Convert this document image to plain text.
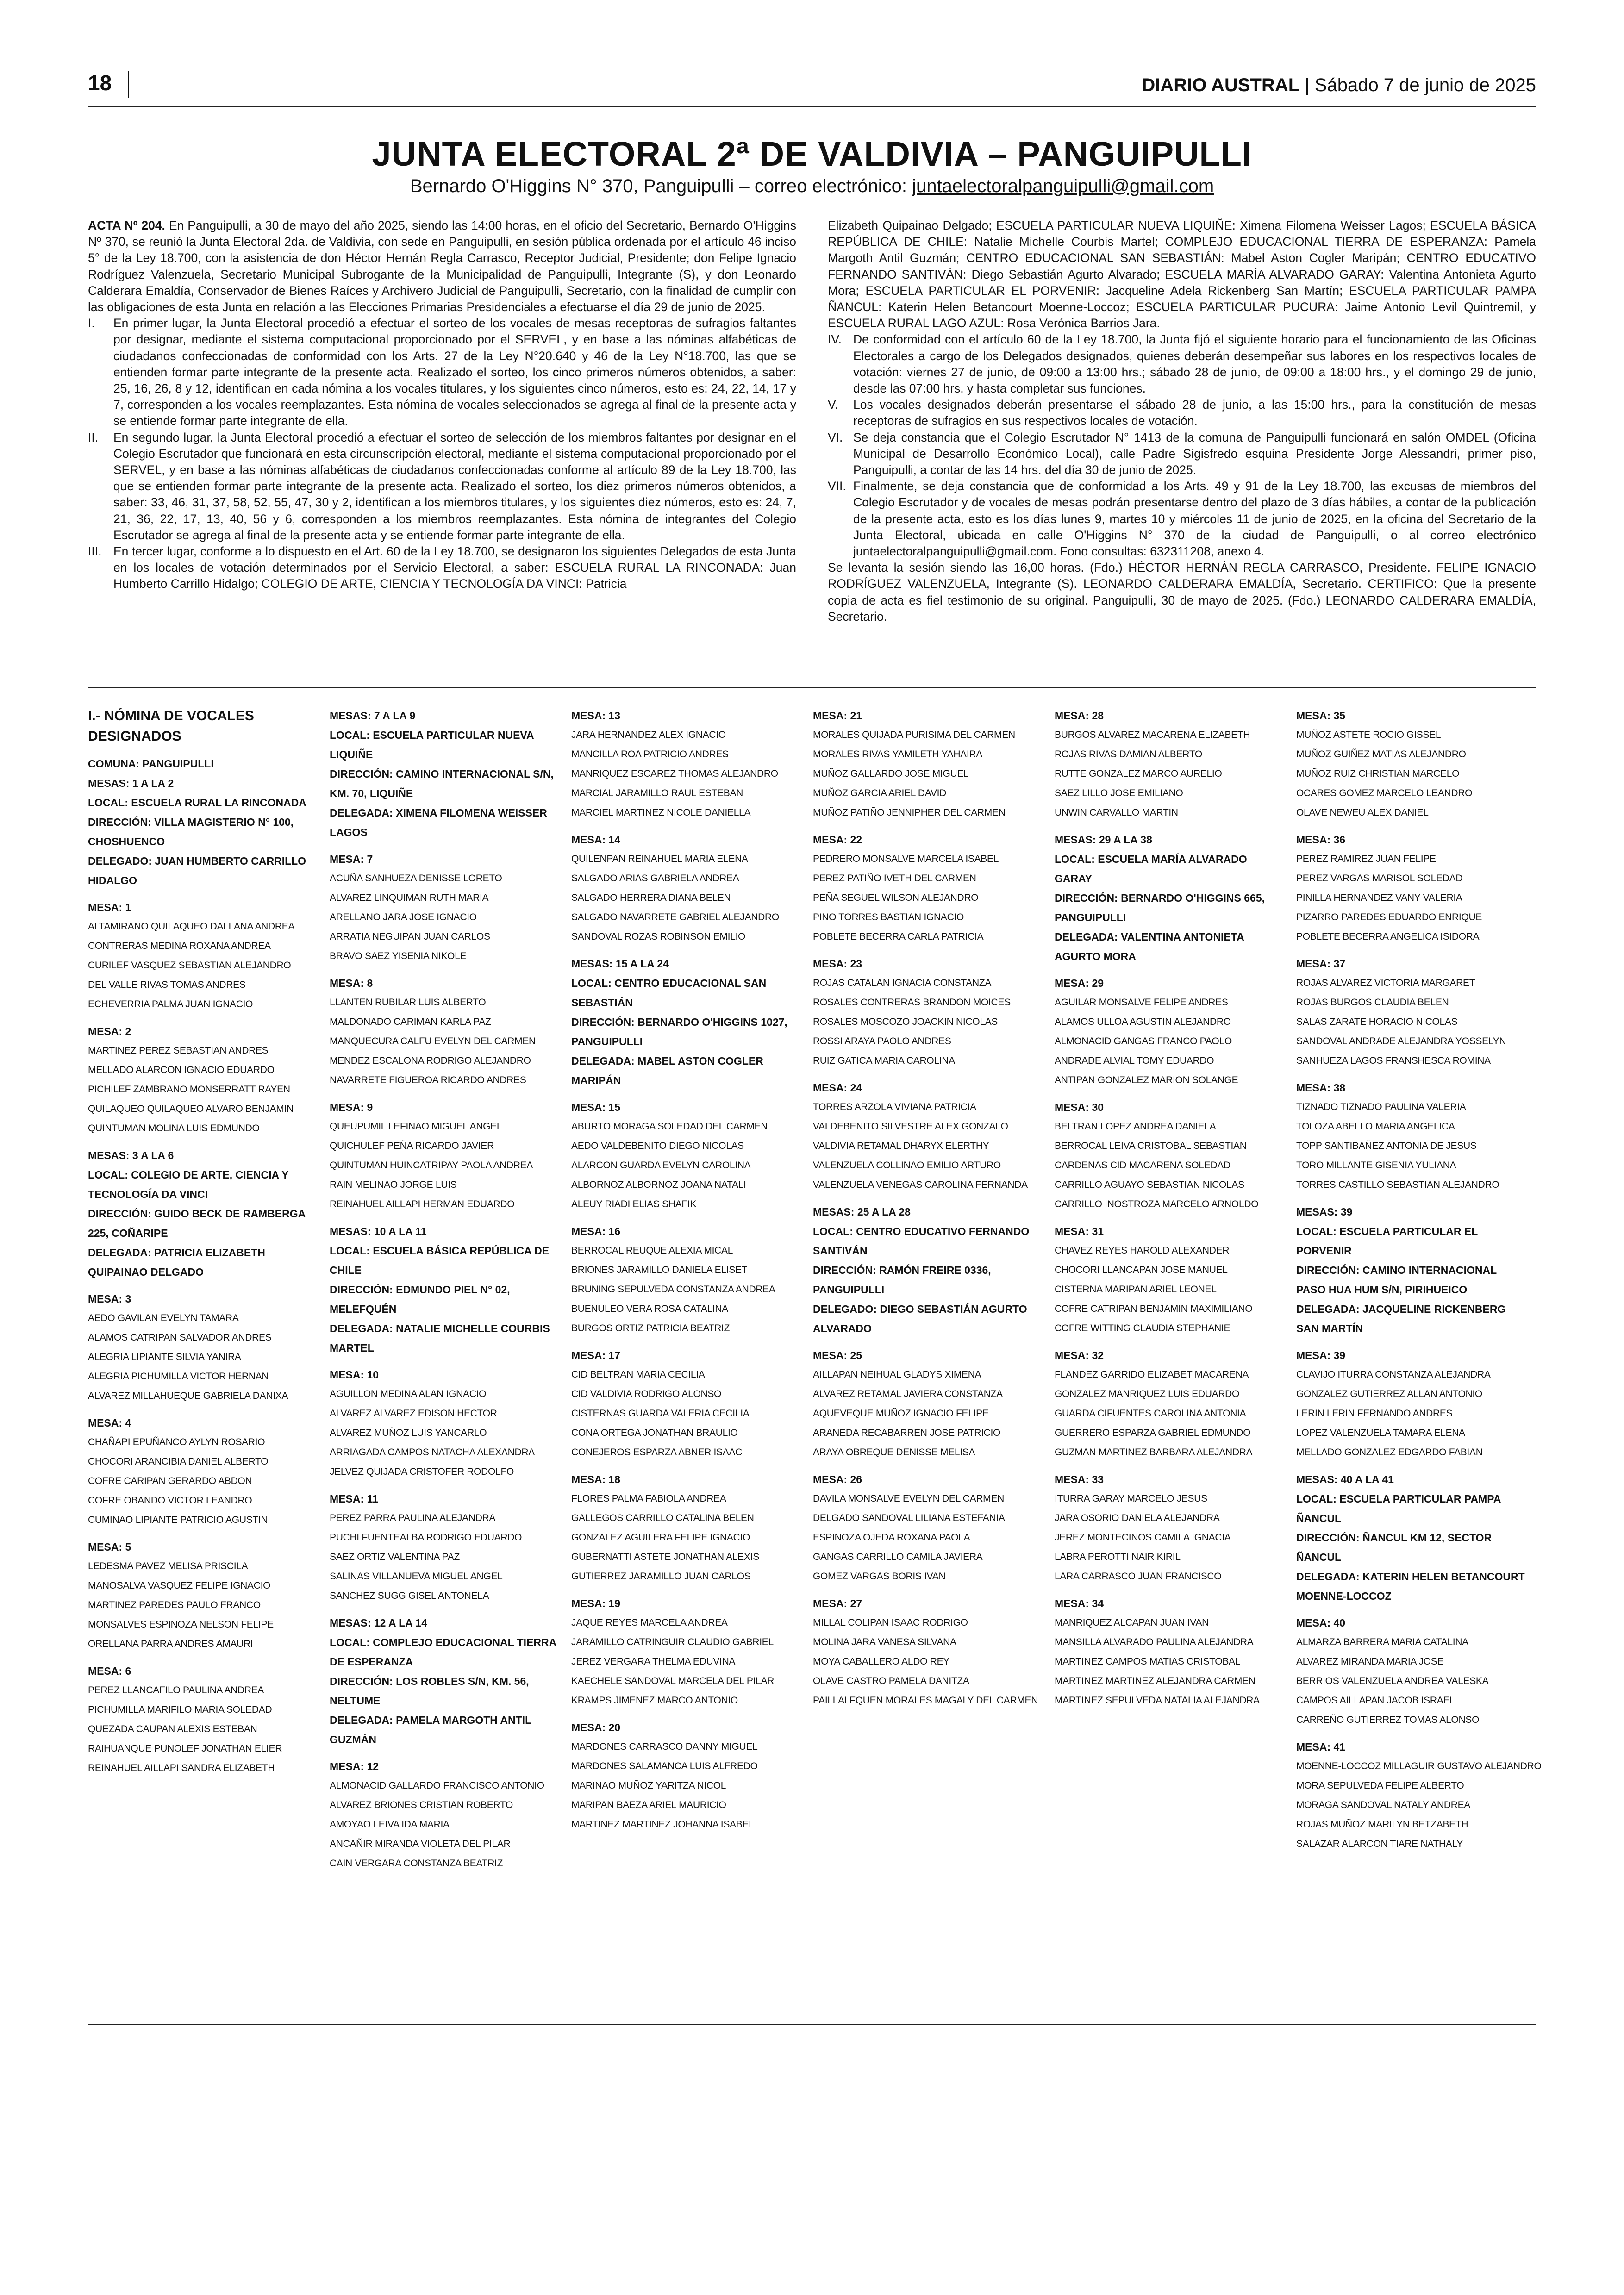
18	DIARIO AUSTRAL | Sábado 7 de junio de 2025
JUNTA ELECTORAL 2ª DE VALDIVIA – PANGUIPULLI
Bernardo O'Higgins N° 370, Panguipulli – correo electrónico: juntaelectoralpanguipulli@gmail.com

ACTA Nº 204. En Panguipulli, a 30 de mayo del año 2025, siendo las 14:00 horas, en el oficio del Secretario, Bernardo O'Higgins Nº 370, se reunió la Junta Electoral 2da. de Valdivia, con sede en Panguipulli, en sesión pública ordenada por el artículo 46 inciso 5° de la Ley 18.700, con la asistencia de don Héctor Hernán Regla Carrasco, Receptor Judicial, Presidente; don Felipe Ignacio Rodríguez Valenzuela, Secretario Municipal Subrogante de la Municipalidad de Panguipulli, Integrante (S), y don Leonardo Calderara Emaldía, Conservador de Bienes Raíces y Archivero Judicial de Panguipulli, Secretario, con la finalidad de cumplir con las obligaciones de esta Junta en relación a las Elecciones Primarias Presidenciales a efectuarse el día 29 de junio de 2025.

I.	En primer lugar, la Junta Electoral procedió a efectuar el sorteo de los vocales de mesas receptoras de sufragios faltantes por designar, mediante el sistema computacional proporcionado por el SERVEL, y en base a las nóminas alfabéticas de ciudadanos confeccionadas de conformidad con los Arts. 27 de la Ley N°20.640 y 46 de la Ley N°18.700, las que se entienden formar parte integrante de la presente acta. Realizado el sorteo, los cinco primeros números obtenidos, a saber: 25, 16, 26, 8 y 12, identifican en cada nómina a los vocales titulares, y los siguientes cinco números, esto es: 24, 22, 14, 17 y 7, corresponden a los vocales reemplazantes. Esta nómina de vocales seleccionados se agrega al final de la presente acta y se entiende formar parte integrante de ella.
II.	En segundo lugar, la Junta Electoral procedió a efectuar el sorteo de selección de los miembros faltantes por designar en el Colegio Escrutador que funcionará en esta circunscripción electoral, mediante el sistema computacional proporcionado por el SERVEL, y en base a las nóminas alfabéticas de ciudadanos confeccionadas conforme al artículo 89 de la Ley 18.700, las que se entienden formar parte integrante de la presente acta. Realizado el sorteo, los diez primeros números obtenidos, a saber: 33, 46, 31, 37, 58, 52, 55, 47, 30 y 2, identifican a los miembros titulares, y los siguientes diez números, esto es: 24, 7, 21, 36, 22, 17, 13, 40, 56 y 6, corresponden a los miembros reemplazantes. Esta nómina de integrantes del Colegio Escrutador se agrega al final de la presente acta y se entiende formar parte integrante de ella.
III. En tercer lugar, conforme a lo dispuesto en el Art. 60 de la Ley 18.700, se designaron los siguientes Delegados de esta Junta en los locales de votación determinados por el Servicio Electoral, a saber: ESCUELA RURAL LA RINCONADA: Juan Humberto Carrillo Hidalgo; COLEGIO DE ARTE, CIENCIA Y TECNOLOGÍA DA VINCI: Patricia

Elizabeth Quipainao Delgado; ESCUELA PARTICULAR NUEVA LIQUIÑE: Ximena Filomena Weisser Lagos; ESCUELA BÁSICA REPÚBLICA DE CHILE: Natalie Michelle Courbis Martel; COMPLEJO EDUCACIONAL TIERRA DE ESPERANZA: Pamela Margoth Antil Guzmán; CENTRO EDUCACIONAL SAN SEBASTIÁN: Mabel Aston Cogler Maripán; CENTRO EDUCATIVO FERNANDO SANTIVÁN: Diego Sebastián Agurto Alvarado; ESCUELA MARÍA ALVARADO GARAY: Valentina Antonieta Agurto Mora; ESCUELA PARTICULAR EL PORVENIR: Jacqueline Adela Rickenberg San Martín; ESCUELA PARTICULAR PAMPA ÑANCUL: Katerin Helen Betancourt Moenne-Loccoz; ESCUELA PARTICULAR PUCURA: Jaime Antonio Levil Quintremil, y ESCUELA RURAL LAGO AZUL: Rosa Verónica Barrios Jara.

IV. De conformidad con el artículo 60 de la Ley 18.700, la Junta fijó el siguiente horario para el funcionamiento de las Oficinas Electorales a cargo de los Delegados designados, quienes deberán desempeñar sus labores en los respectivos locales de votación: viernes 27 de junio, de 09:00 a 13:00 hrs.; sábado 28 de junio, de 09:00 a 18:00 hrs., y el domingo 29 de junio, desde las 07:00 hrs. y hasta completar sus funciones.
V.	Los vocales designados deberán presentarse el sábado 28 de junio, a las 15:00 hrs., para la constitución de mesas receptoras de sufragios en sus respectivos locales de votación.
VI. Se deja constancia que el Colegio Escrutador N° 1413 de la comuna de Panguipulli funcionará en salón OMDEL (Oficina Municipal de Desarrollo Económico Local), calle Padre Sigisfredo esquina Presidente Jorge Alessandri, primer piso, Panguipulli, a contar de las 14 hrs. del día 30 de junio de 2025.
VII. Finalmente, se deja constancia que de conformidad a los Arts. 49 y 91 de la Ley 18.700, las excusas de miembros del Colegio Escrutador y de vocales de mesas podrán presentarse dentro del plazo de 3 días hábiles, a contar de la publicación de la presente acta, esto es los días lunes 9, martes 10 y miércoles 11 de junio de 2025, en la oficina del Secretario de la Junta Electoral, ubicada en calle O'Higgins N° 370 de la ciudad de Panguipulli, o al correo electrónico juntaelectoralpanguipulli@gmail.com. Fono consultas: 632311208, anexo 4.

Se levanta la sesión siendo las 16,00 horas. (Fdo.) HÉCTOR HERNÁN REGLA CARRASCO, Presidente. FELIPE IGNACIO RODRÍGUEZ VALENZUELA, Integrante (S). LEONARDO CALDERARA EMALDÍA, Secretario. CERTIFICO: Que la presente copia de acta es fiel testimonio de su original. Panguipulli, 30 de mayo de 2025. (Fdo.) LEONARDO CALDERARA EMALDÍA, Secretario.

I.- NÓMINA DE VOCALES DESIGNADOS
COMUNA: PANGUIPULLI
MESAS: 1 A LA 2
LOCAL: ESCUELA RURAL LA RINCONADA
DIRECCIÓN: VILLA MAGISTERIO N° 100, CHOSHUENCO
DELEGADO: JUAN HUMBERTO CARRILLO HIDALGO
MESA: 1
ALTAMIRANO QUILAQUEO DALLANA ANDREA
CONTRERAS MEDINA ROXANA ANDREA
CURILEF VASQUEZ SEBASTIAN ALEJANDRO
DEL VALLE RIVAS TOMAS ANDRES
ECHEVERRIA PALMA JUAN IGNACIO
MESA: 2
MARTINEZ PEREZ SEBASTIAN ANDRES
MELLADO ALARCON IGNACIO EDUARDO
PICHILEF ZAMBRANO MONSERRATT RAYEN
QUILAQUEO QUILAQUEO ALVARO BENJAMIN
QUINTUMAN MOLINA LUIS EDMUNDO
MESAS: 3 A LA 6
LOCAL: COLEGIO DE ARTE, CIENCIA Y TECNOLOGÍA DA VINCI
DIRECCIÓN: GUIDO BECK DE RAMBERGA 225, COÑARIPE
DELEGADA: PATRICIA ELIZABETH QUIPAINAO DELGADO
MESA: 3
AEDO GAVILAN EVELYN TAMARA
ALAMOS CATRIPAN SALVADOR ANDRES
ALEGRIA LIPIANTE SILVIA YANIRA
ALEGRIA PICHUMILLA VICTOR HERNAN
ALVAREZ MILLAHUEQUE GABRIELA DANIXA
MESA: 4
CHAÑAPI EPUÑANCO AYLYN ROSARIO
CHOCORI ARANCIBIA DANIEL ALBERTO
COFRE CARIPAN GERARDO ABDON
COFRE OBANDO VICTOR LEANDRO
CUMINAO LIPIANTE PATRICIO AGUSTIN
MESA: 5
LEDESMA PAVEZ MELISA PRISCILA
MANOSALVA VASQUEZ FELIPE IGNACIO
MARTINEZ PAREDES PAULO FRANCO
MONSALVES ESPINOZA NELSON FELIPE
ORELLANA PARRA ANDRES AMAURI
MESA: 6
PEREZ LLANCAFILO PAULINA ANDREA
PICHUMILLA MARIFILO MARIA SOLEDAD
QUEZADA CAUPAN ALEXIS ESTEBAN
RAIHUANQUE PUNOLEF JONATHAN ELIER
REINAHUEL AILLAPI SANDRA ELIZABETH
MESAS: 7 A LA 9
LOCAL: ESCUELA PARTICULAR NUEVA LIQUIÑE
DIRECCIÓN: CAMINO INTERNACIONAL S/N, KM. 70, LIQUIÑE
DELEGADA: XIMENA FILOMENA WEISSER LAGOS
MESA: 7
ACUÑA SANHUEZA DENISSE LORETO
ALVAREZ LINQUIMAN RUTH MARIA
ARELLANO JARA JOSE IGNACIO
ARRATIA NEGUIPAN JUAN CARLOS
BRAVO SAEZ YISENIA NIKOLE
MESA: 8
LLANTEN RUBILAR LUIS ALBERTO
MALDONADO CARIMAN KARLA PAZ
MANQUECURA CALFU EVELYN DEL CARMEN
MENDEZ ESCALONA RODRIGO ALEJANDRO
NAVARRETE FIGUEROA RICARDO ANDRES
MESA: 9
QUEUPUMIL LEFINAO MIGUEL ANGEL
QUICHULEF PEÑA RICARDO JAVIER
QUINTUMAN HUINCATRIPAY PAOLA ANDREA
RAIN MELINAO JORGE LUIS
REINAHUEL AILLAPI HERMAN EDUARDO
MESAS: 10 A LA 11
LOCAL: ESCUELA BÁSICA REPÚBLICA DE CHILE
DIRECCIÓN: EDMUNDO PIEL N° 02, MELEFQUÉN
DELEGADA: NATALIE MICHELLE COURBIS MARTEL
MESA: 10
AGUILLON MEDINA ALAN IGNACIO
ALVAREZ ALVAREZ EDISON HECTOR
ALVAREZ MUÑOZ LUIS YANCARLO
ARRIAGADA CAMPOS NATACHA ALEXANDRA
JELVEZ QUIJADA CRISTOFER RODOLFO
MESA: 11
PEREZ PARRA PAULINA ALEJANDRA
PUCHI FUENTEALBA RODRIGO EDUARDO
SAEZ ORTIZ VALENTINA PAZ
SALINAS VILLANUEVA MIGUEL ANGEL
SANCHEZ SUGG GISEL ANTONELA
MESAS: 12 A LA 14
LOCAL: COMPLEJO EDUCACIONAL TIERRA DE ESPERANZA
DIRECCIÓN: LOS ROBLES S/N, KM. 56, NELTUME
DELEGADA: PAMELA MARGOTH ANTIL GUZMÁN
MESA: 12
ALMONACID GALLARDO FRANCISCO ANTONIO
ALVAREZ BRIONES CRISTIAN ROBERTO
AMOYAO LEIVA IDA MARIA
ANCAÑIR MIRANDA VIOLETA DEL PILAR
CAIN VERGARA CONSTANZA BEATRIZ
MESA: 13
JARA HERNANDEZ ALEX IGNACIO
MANCILLA ROA PATRICIO ANDRES
MANRIQUEZ ESCAREZ THOMAS ALEJANDRO
MARCIAL JARAMILLO RAUL ESTEBAN
MARCIEL MARTINEZ NICOLE DANIELLA
MESA: 14
QUILENPAN REINAHUEL MARIA ELENA
SALGADO ARIAS GABRIELA ANDREA
SALGADO HERRERA DIANA BELEN
SALGADO NAVARRETE GABRIEL ALEJANDRO
SANDOVAL ROZAS ROBINSON EMILIO
MESAS: 15 A LA 24
LOCAL: CENTRO EDUCACIONAL SAN SEBASTIÁN
DIRECCIÓN: BERNARDO O'HIGGINS 1027, PANGUIPULLI
DELEGADA: MABEL ASTON COGLER MARIPÁN
MESA: 15
ABURTO MORAGA SOLEDAD DEL CARMEN
AEDO VALDEBENITO DIEGO NICOLAS
ALARCON GUARDA EVELYN CAROLINA
ALBORNOZ ALBORNOZ JOANA NATALI
ALEUY RIADI ELIAS SHAFIK
MESA: 16
BERROCAL REUQUE ALEXIA MICAL
BRIONES JARAMILLO DANIELA ELISET
BRUNING SEPULVEDA CONSTANZA ANDREA
BUENULEO VERA ROSA CATALINA
BURGOS ORTIZ PATRICIA BEATRIZ
MESA: 17
CID BELTRAN MARIA CECILIA
CID VALDIVIA RODRIGO ALONSO
CISTERNAS GUARDA VALERIA CECILIA
CONA ORTEGA JONATHAN BRAULIO
CONEJEROS ESPARZA ABNER ISAAC
MESA: 18
FLORES PALMA FABIOLA ANDREA
GALLEGOS CARRILLO CATALINA BELEN
GONZALEZ AGUILERA FELIPE IGNACIO
GUBERNATTI ASTETE JONATHAN ALEXIS
GUTIERREZ JARAMILLO JUAN CARLOS
MESA: 19
JAQUE REYES MARCELA ANDREA
JARAMILLO CATRINGUIR CLAUDIO GABRIEL
JEREZ VERGARA THELMA EDUVINA
KAECHELE SANDOVAL MARCELA DEL PILAR
KRAMPS JIMENEZ MARCO ANTONIO
MESA: 20
MARDONES CARRASCO DANNY MIGUEL
MARDONES SALAMANCA LUIS ALFREDO
MARINAO MUÑOZ YARITZA NICOL
MARIPAN BAEZA ARIEL MAURICIO
MARTINEZ MARTINEZ JOHANNA ISABEL
MESA: 21
MORALES QUIJADA PURISIMA DEL CARMEN
MORALES RIVAS YAMILETH YAHAIRA
MUÑOZ GALLARDO JOSE MIGUEL
MUÑOZ GARCIA ARIEL DAVID
MUÑOZ PATIÑO JENNIPHER DEL CARMEN
MESA: 22
PEDRERO MONSALVE MARCELA ISABEL
PEREZ PATIÑO IVETH DEL CARMEN
PEÑA SEGUEL WILSON ALEJANDRO
PINO TORRES BASTIAN IGNACIO
POBLETE BECERRA CARLA PATRICIA
MESA: 23
ROJAS CATALAN IGNACIA CONSTANZA
ROSALES CONTRERAS BRANDON MOICES
ROSALES MOSCOZO JOACKIN NICOLAS
ROSSI ARAYA PAOLO ANDRES
RUIZ GATICA MARIA CAROLINA
MESA: 24
TORRES ARZOLA VIVIANA PATRICIA
VALDEBENITO SILVESTRE ALEX GONZALO
VALDIVIA RETAMAL DHARYX ELERTHY
VALENZUELA COLLINAO EMILIO ARTURO
VALENZUELA VENEGAS CAROLINA FERNANDA
MESAS: 25 A LA 28
LOCAL: CENTRO EDUCATIVO FERNANDO SANTIVÁN
DIRECCIÓN: RAMÓN FREIRE 0336, PANGUIPULLI
DELEGADO: DIEGO SEBASTIÁN AGURTO ALVARADO
MESA: 25
AILLAPAN NEIHUAL GLADYS XIMENA
ALVAREZ RETAMAL JAVIERA CONSTANZA
AQUEVEQUE MUÑOZ IGNACIO FELIPE
ARANEDA RECABARREN JOSE PATRICIO
ARAYA OBREQUE DENISSE MELISA
MESA: 26
DAVILA MONSALVE EVELYN DEL CARMEN
DELGADO SANDOVAL LILIANA ESTEFANIA
ESPINOZA OJEDA ROXANA PAOLA
GANGAS CARRILLO CAMILA JAVIERA
GOMEZ VARGAS BORIS IVAN
MESA: 27
MILLAL COLIPAN ISAAC RODRIGO
MOLINA JARA VANESA SILVANA
MOYA CABALLERO ALDO REY
OLAVE CASTRO PAMELA DANITZA
PAILLALFQUEN MORALES MAGALY DEL CARMEN
MESA: 28
BURGOS ALVAREZ MACARENA ELIZABETH
ROJAS RIVAS DAMIAN ALBERTO
RUTTE GONZALEZ MARCO AURELIO
SAEZ LILLO JOSE EMILIANO
UNWIN CARVALLO MARTIN
MESAS: 29 A LA 38
LOCAL: ESCUELA MARÍA ALVARADO GARAY
DIRECCIÓN: BERNARDO O'HIGGINS 665, PANGUIPULLI
DELEGADA: VALENTINA ANTONIETA AGURTO MORA
MESA: 29
AGUILAR MONSALVE FELIPE ANDRES
ALAMOS ULLOA AGUSTIN ALEJANDRO
ALMONACID GANGAS FRANCO PAOLO
ANDRADE ALVIAL TOMY EDUARDO
ANTIPAN GONZALEZ MARION SOLANGE
MESA: 30
BELTRAN LOPEZ ANDREA DANIELA
BERROCAL LEIVA CRISTOBAL SEBASTIAN
CARDENAS CID MACARENA SOLEDAD
CARRILLO AGUAYO SEBASTIAN NICOLAS
CARRILLO INOSTROZA MARCELO ARNOLDO
MESA: 31
CHAVEZ REYES HAROLD ALEXANDER
CHOCORI LLANCAPAN JOSE MANUEL
CISTERNA MARIPAN ARIEL LEONEL
COFRE CATRIPAN BENJAMIN MAXIMILIANO
COFRE WITTING CLAUDIA STEPHANIE
MESA: 32
FLANDEZ GARRIDO ELIZABET MACARENA
GONZALEZ MANRIQUEZ LUIS EDUARDO
GUARDA CIFUENTES CAROLINA ANTONIA
GUERRERO ESPARZA GABRIEL EDMUNDO
GUZMAN MARTINEZ BARBARA ALEJANDRA
MESA: 33
ITURRA GARAY MARCELO JESUS
JARA OSORIO DANIELA ALEJANDRA
JEREZ MONTECINOS CAMILA IGNACIA
LABRA PEROTTI NAIR KIRIL
LARA CARRASCO JUAN FRANCISCO
MESA: 34
MANRIQUEZ ALCAPAN JUAN IVAN
MANSILLA ALVARADO PAULINA ALEJANDRA
MARTINEZ CAMPOS MATIAS CRISTOBAL
MARTINEZ MARTINEZ ALEJANDRA CARMEN
MARTINEZ SEPULVEDA NATALIA ALEJANDRA
MESA: 35
MUÑOZ ASTETE ROCIO GISSEL
MUÑOZ GUIÑEZ MATIAS ALEJANDRO
MUÑOZ RUIZ CHRISTIAN MARCELO
OCARES GOMEZ MARCELO LEANDRO
OLAVE NEWEU ALEX DANIEL
MESA: 36
PEREZ RAMIREZ JUAN FELIPE
PEREZ VARGAS MARISOL SOLEDAD
PINILLA HERNANDEZ VANY VALERIA
PIZARRO PAREDES EDUARDO ENRIQUE
POBLETE BECERRA ANGELICA ISIDORA
MESA: 37
ROJAS ALVAREZ VICTORIA MARGARET
ROJAS BURGOS CLAUDIA BELEN
SALAS ZARATE HORACIO NICOLAS
SANDOVAL ANDRADE ALEJANDRA YOSSELYN
SANHUEZA LAGOS FRANSHESCA ROMINA
MESA: 38
TIZNADO TIZNADO PAULINA VALERIA
TOLOZA ABELLO MARIA ANGELICA
TOPP SANTIBAÑEZ ANTONIA DE JESUS
TORO MILLANTE GISENIA YULIANA
TORRES CASTILLO SEBASTIAN ALEJANDRO
MESAS: 39
LOCAL: ESCUELA PARTICULAR EL PORVENIR
DIRECCIÓN: CAMINO INTERNACIONAL PASO HUA HUM S/N, PIRIHUEICO
DELEGADA: JACQUELINE RICKENBERG SAN MARTÍN
MESA: 39
CLAVIJO ITURRA CONSTANZA ALEJANDRA
GONZALEZ GUTIERREZ ALLAN ANTONIO
LERIN LERIN FERNANDO ANDRES
LOPEZ VALENZUELA TAMARA ELENA
MELLADO GONZALEZ EDGARDO FABIAN
MESAS: 40 A LA 41
LOCAL: ESCUELA PARTICULAR PAMPA ÑANCUL
DIRECCIÓN: ÑANCUL KM 12, SECTOR ÑANCUL
DELEGADA: KATERIN HELEN BETANCOURT MOENNE-LOCCOZ
MESA: 40
ALMARZA BARRERA MARIA CATALINA
ALVAREZ MIRANDA MARIA JOSE
BERRIOS VALENZUELA ANDREA VALESKA
CAMPOS AILLAPAN JACOB ISRAEL
CARREÑO GUTIERREZ TOMAS ALONSO
MESA: 41
MOENNE-LOCCOZ MILLAGUIR GUSTAVO ALEJANDRO
MORA SEPULVEDA FELIPE ALBERTO
MORAGA SANDOVAL NATALY ANDREA
ROJAS MUÑOZ MARILYN BETZABETH
SALAZAR ALARCON TIARE NATHALY
